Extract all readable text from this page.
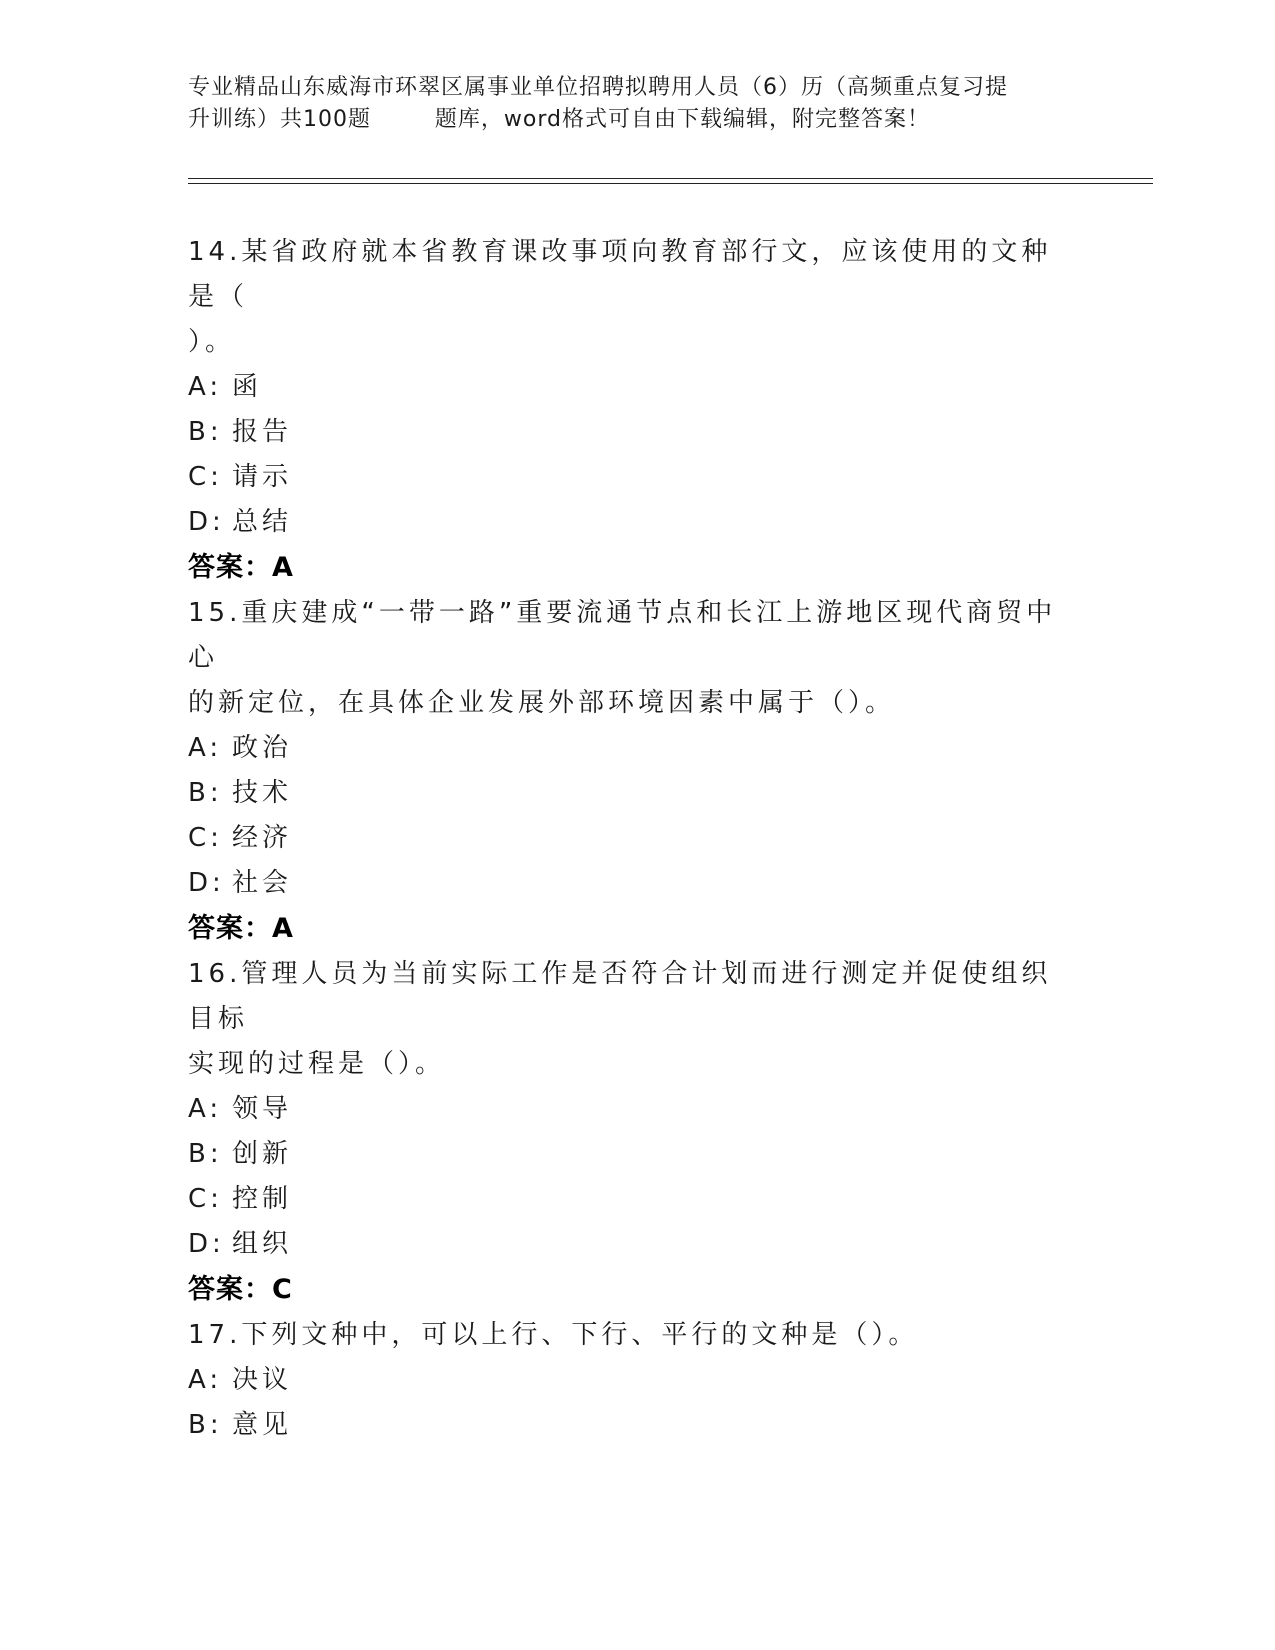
专业精品山东威海市环翠区属事业单位招聘拟聘用人员（6）历（高频重点复习提
升训练）共100题        题库，word格式可自由下载编辑，附完整答案！

14.某省政府就本省教育课改事项向教育部行文，应该使用的文种是（

）。

A: 函

B: 报告

C: 请示

D: 总结

答案：A

15.重庆建成“一带一路”重要流通节点和长江上游地区现代商贸中心

的新定位，在具体企业发展外部环境因素中属于（）。

A: 政治

B: 技术

C: 经济

D: 社会

答案：A

16.管理人员为当前实际工作是否符合计划而进行测定并促使组织目标

实现的过程是（）。

A: 领导

B: 创新

C: 控制

D: 组织

答案：C

17.下列文种中，可以上行、下行、平行的文种是（）。

A: 决议

B: 意见
